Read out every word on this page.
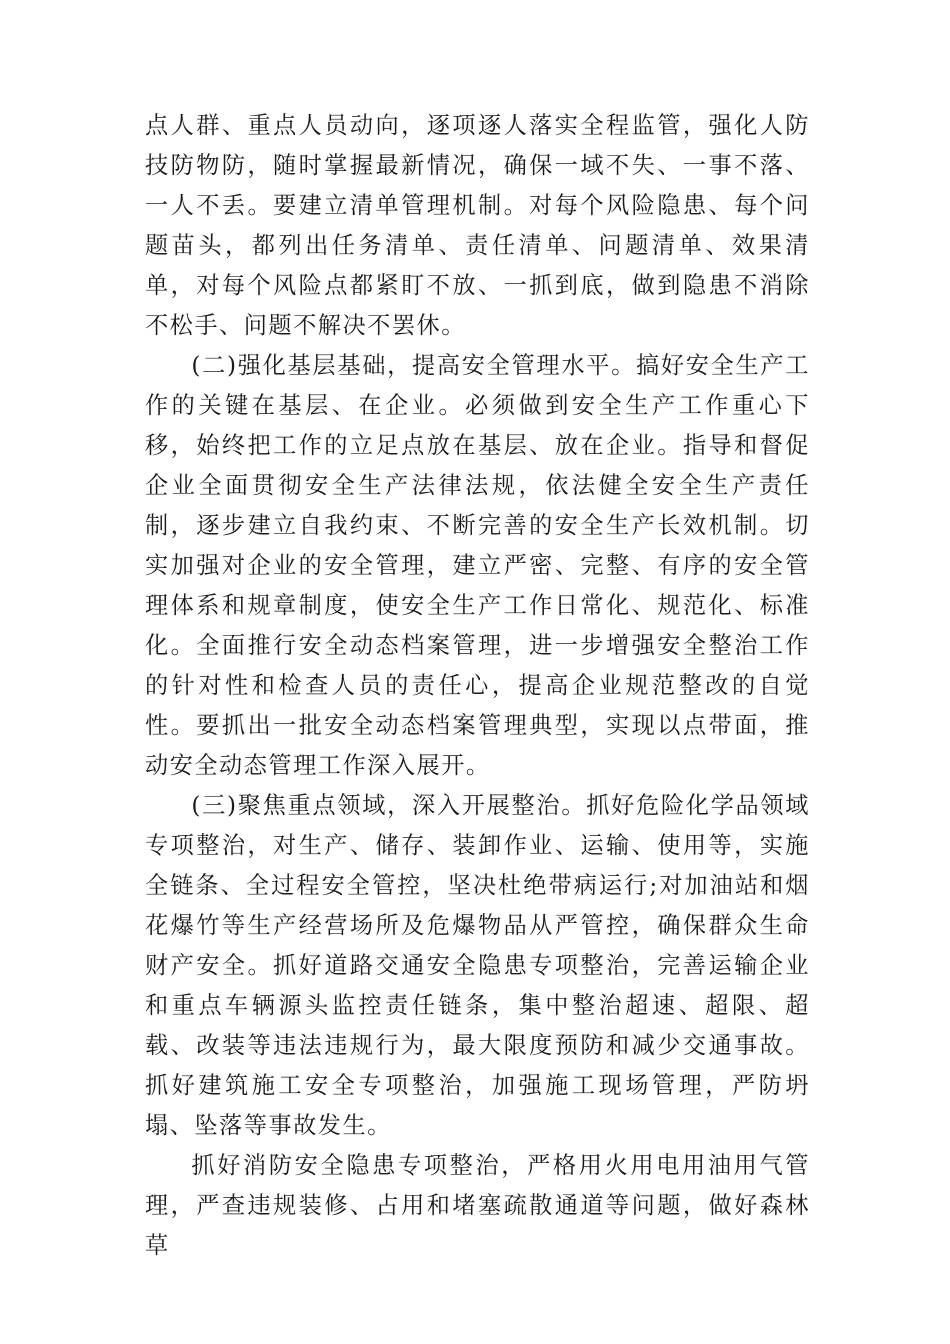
点人群、重点人员动向，逐项逐人落实全程监管，强化人防技防物防，随时掌握最新情况，确保一域不失、一事不落、一人不丢。要建立清单管理机制。对每个风险隐患、每个问题苗头，都列出任务清单、责任清单、问题清单、效果清单，对每个风险点都紧盯不放、一抓到底，做到隐患不消除不松手、问题不解决不罢休。

(二)强化基层基础，提高安全管理水平。搞好安全生产工作的关键在基层、在企业。必须做到安全生产工作重心下移，始终把工作的立足点放在基层、放在企业。指导和督促企业全面贯彻安全生产法律法规，依法健全安全生产责任制，逐步建立自我约束、不断完善的安全生产长效机制。切实加强对企业的安全管理，建立严密、完整、有序的安全管理体系和规章制度，使安全生产工作日常化、规范化、标准化。全面推行安全动态档案管理，进一步增强安全整治工作的针对性和检查人员的责任心，提高企业规范整改的自觉性。要抓出一批安全动态档案管理典型，实现以点带面，推动安全动态管理工作深入展开。

(三)聚焦重点领域，深入开展整治。抓好危险化学品领域专项整治，对生产、储存、装卸作业、运输、使用等，实施全链条、全过程安全管控，坚决杜绝带病运行;对加油站和烟花爆竹等生产经营场所及危爆物品从严管控，确保群众生命财产安全。抓好道路交通安全隐患专项整治，完善运输企业和重点车辆源头监控责任链条，集中整治超速、超限、超载、改装等违法违规行为，最大限度预防和减少交通事故。抓好建筑施工安全专项整治，加强施工现场管理，严防坍塌、坠落等事故发生。

抓好消防安全隐患专项整治，严格用火用电用油用气管理，严查违规装修、占用和堵塞疏散通道等问题，做好森林草
